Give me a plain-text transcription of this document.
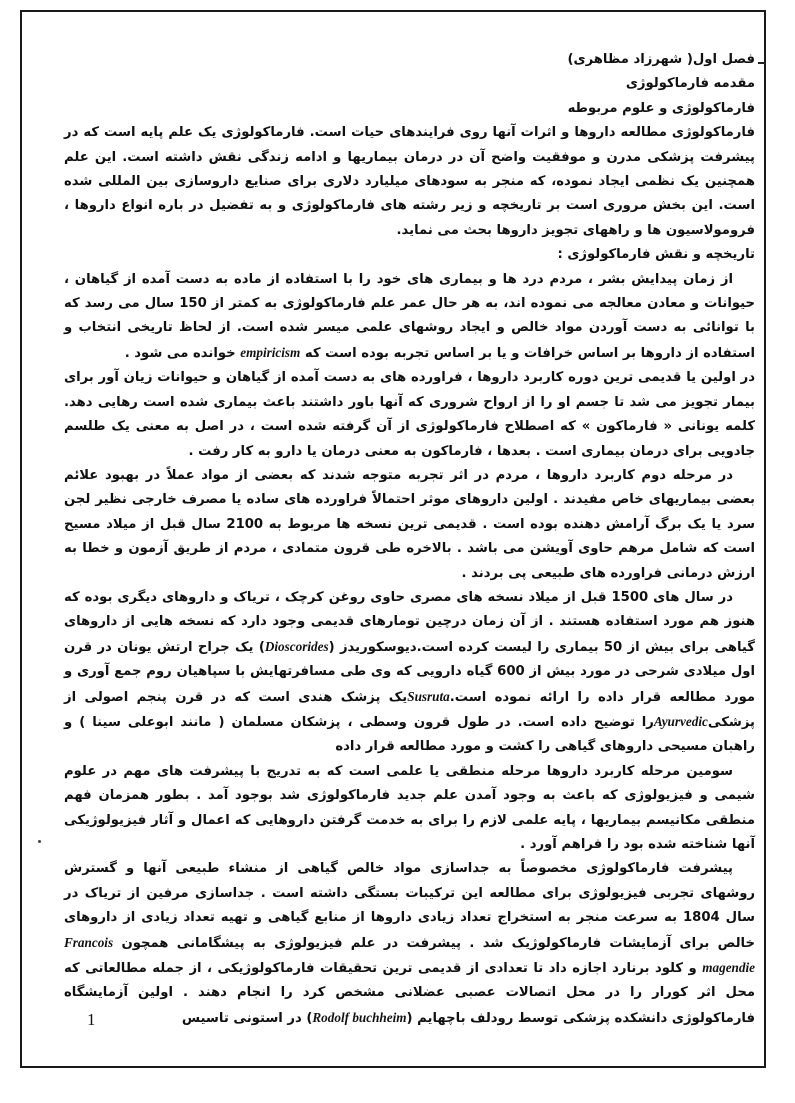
فصل اول( شهرزاد مظاهری)

مقدمه فارماکولوژی

فارماکولوژی و علوم مربوطه

فارماکولوژی مطالعه داروها و اثرات آنها روی فرایندهای حیات است. فارماکولوژی یک علم پایه است که در پیشرفت پزشکی مدرن و موفقیت واضح آن در درمان بیماریها و ادامه زندگی نقش داشته است. این علم همچنین یک نظمی ایجاد نموده، که منجر به سودهای میلیارد دلاری برای صنایع داروسازی بین المللی شده است. این بخش مروری است بر تاریخچه و زیر رشته های فارماکولوژی و به تفضیل در باره انواع داروها ، فرومولاسیون ها و راههای تجویز داروها بحث می نماید.

تاریخچه و نقش فارماکولوژی :

از زمان پیدایش بشر ، مردم درد ها و بیماری های خود را با استفاده از ماده به دست آمده از گیاهان ، حیوانات و معادن معالجه می نموده اند، به هر حال عمر علم فارماکولوژی به کمتر از 150 سال می رسد که با توانائی به دست آوردن مواد خالص و ایجاد روشهای علمی میسر شده است. از لحاظ تاریخی انتخاب و استفاده از داروها بر اساس خرافات و یا بر اساس تجربه بوده است که empiricism خوانده می شود .

در اولین یا قدیمی ترین دوره کاربرد داروها ، فراورده های به دست آمده از گیاهان و حیوانات زیان آور برای بیمار تجویز می شد تا جسم او را از ارواح شروری که آنها باور داشتند باعث بیماری شده است رهایی دهد. کلمه یونانی « فارماکون » که اصطلاح فارماکولوژی از آن گرفته شده است ، در اصل به معنی یک طلسم جادویی برای درمان بیماری است . بعدها ، فارماکون به معنی درمان یا دارو به کار رفت .

در مرحله دوم کاربرد داروها ، مردم در اثر تجربه متوجه شدند که بعضی از مواد عملاً در بهبود علائم بعضی بیماریهای خاص مفیدند . اولین داروهای موثر احتمالاً فراورده های ساده یا مصرف خارجی نظیر لجن سرد یا یک برگ آرامش دهنده بوده است . قدیمی ترین نسخه ها مربوط به 2100 سال قبل از میلاد مسیح است که شامل مرهم حاوی آویشن می باشد . بالاخره طی قرون متمادی ، مردم از طریق آزمون و خطا به ارزش درمانی فراورده های طبیعی پی بردند .

در سال های 1500 قبل از میلاد نسخه های مصری حاوی روغن کرچک ، تریاک و داروهای دیگری بوده که هنوز هم مورد استفاده هستند . از آن زمان درچین تومارهای قدیمی وجود دارد که نسخه هایی از داروهای گیاهی برای بیش از 50 بیماری را لیست کرده است.دیوسکوریدز (Dioscorides) یک جراح ارتش یونان در قرن اول میلادی شرحی در مورد بیش از 600 گیاه دارویی که وی طی مسافرتهایش با سپاهیان روم جمع آوری و مورد مطالعه قرار داده را ارائه نموده است.Susrutaیک پزشک هندی است که در قرن پنجم اصولی از پزشکیAyurvedicرا توضیح داده است. در طول قرون وسطی ، پزشکان مسلمان ( مانند ابوعلی سینا ) و راهبان مسیحی داروهای گیاهی را کشت و مورد مطالعه قرار داده

سومین مرحله کاربرد داروها مرحله منطقی یا علمی است که به تدریج با پیشرفت های مهم در علوم شیمی و فیزیولوژی که باعث به وجود آمدن علم جدید فارماکولوژی شد بوجود آمد . بطور همزمان فهم منطقی مکانیسم بیماریها ، پایه علمی لازم را برای به خدمت گرفتن داروهایی که اعمال و آثار فیزیولوژیکی آنها شناخته شده بود را فراهم آورد .

پیشرفت فارماکولوژی مخصوصاً به جداسازی مواد خالص گیاهی از منشاء طبیعی آنها و گسترش روشهای تجربی فیزیولوژی برای مطالعه این ترکیبات بستگی داشته است . جداسازی مرفین از تریاک در سال 1804 به سرعت منجر به استخراج تعداد زیادی داروها از منابع گیاهی و تهیه تعداد زیادی از داروهای خالص برای آزمایشات فارماکولوژیک شد . پیشرفت در علم فیزیولوژی به پیشگامانی همچون Francois magendie و کلود برنارد اجازه داد تا تعدادی از قدیمی ترین تحقیقات فارماکولوژیکی ، از جمله مطالعاتی که محل اثر کورار را در محل اتصالات عصبی عضلانی مشخص کرد را انجام دهند . اولین آزمایشگاه فارماکولوژی دانشکده پزشکی توسط رودلف باچهایم (Rodolf buchheim) در استونی تاسیس

1
